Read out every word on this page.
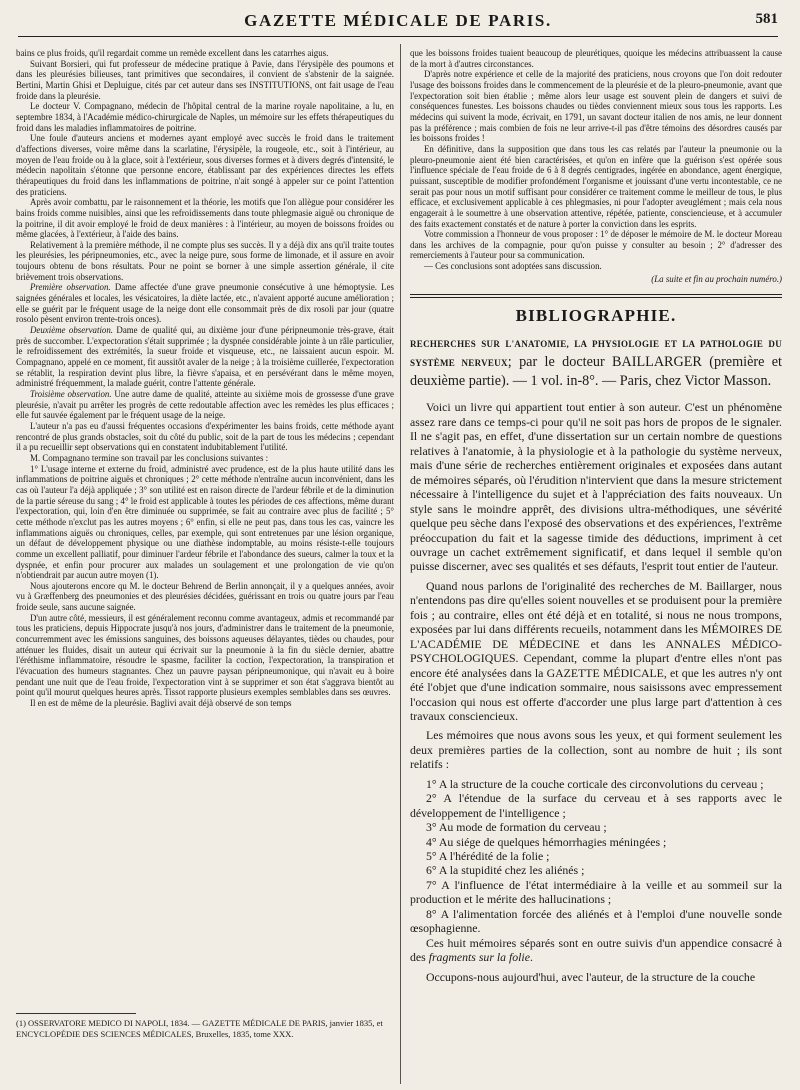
GAZETTE MÉDICALE DE PARIS.	581

bains ce plus froids, qu'il regardait comme un remède excellent dans les catarrhes aigus.

Suivant Borsieri, qui fut professeur de médecine pratique à Pavie, dans l'érysipèle des poumons et dans les pleurésies bilieuses, tant primitives que secondaires, il convient de s'abstenir de la saignée. Bertini, Martin Ghisi et Depluigue, cités par cet auteur dans ses INSTITUTIONS, ont fait usage de l'eau froide dans la pleurésie.

Le docteur V. Compagnano, médecin de l'hôpital central de la marine royale napolitaine, a lu, en septembre 1834, à l'Académie médico-chirurgicale de Naples, un mémoire sur les effets thérapeutiques du froid dans les maladies inflammatoires de poitrine.

Une foule d'auteurs anciens et modernes ayant employé avec succès le froid dans le traitement d'affections diverses, voire même dans la scarlatine, l'érysipèle, la rougeole, etc., soit à l'intérieur, au moyen de l'eau froide ou à la glace, soit à l'extérieur, sous diverses formes et à divers degrés d'intensité, le médecin napolitain s'étonne que personne encore, établissant par des expériences directes les effets thérapeutiques du froid dans les inflammations de poitrine, n'ait songé à appeler sur ce point l'attention des praticiens.

Après avoir combattu, par le raisonnement et la théorie, les motifs que l'on allègue pour considérer les bains froids comme nuisibles, ainsi que les refroidissements dans toute phlegmasie aiguë ou chronique de la poitrine, il dit avoir employé le froid de deux manières : à l'intérieur, au moyen de boissons froides ou même glacées, à l'extérieur, à l'aide des bains.

Relativement à la première méthode, il ne compte plus ses succès. Il y a déjà dix ans qu'il traite toutes les pleurésies, les péripneumonies, etc., avec la neige pure, sous forme de limonade, et il assure en avoir toujours obtenu de bons résultats. Pour ne point se borner à une simple assertion générale, il cite brièvement trois observations.

Première observation. Dame affectée d'une grave pneumonie consécutive à une hémoptysie. Les saignées générales et locales, les vésicatoires, la diète lactée, etc., n'avaient apporté aucune amélioration ; elle se guérit par le fréquent usage de la neige dont elle consommait près de dix rosoli par jour (quatre rosolo pèsent environ trente-trois onces).

Deuxième observation. Dame de qualité qui, au dixième jour d'une péripneumonie très-grave, était près de succomber. L'expectoration s'était supprimée ; la dyspnée considérable jointe à un râle particulier, le refroidissement des extrémités, la sueur froide et visqueuse, etc., ne laissaient aucun espoir. M. Compagnano, appelé en ce moment, fit aussitôt avaler de la neige ; à la troisième cuillerée, l'expectoration se rétablit, la respiration devint plus libre, la fièvre s'apaisa, et en persévérant dans le même moyen, administré fréquemment, la malade guérit, contre l'attente générale.

Troisième observation. Une autre dame de qualité, atteinte au sixième mois de grossesse d'une grave pleurésie, n'avait pu arrêter les progrès de cette redoutable affection avec les remèdes les plus efficaces ; elle fut sauvée également par le fréquent usage de la neige.

L'auteur n'a pas eu d'aussi fréquentes occasions d'expérimenter les bains froids, cette méthode ayant rencontré de plus grands obstacles, soit du côté du public, soit de la part de tous les médecins ; cependant il a pu recueillir sept observations qui en constatent indubitablement l'utilité.

M. Compagnano termine son travail par les conclusions suivantes :

1° L'usage interne et externe du froid, administré avec prudence, est de la plus haute utilité dans les inflammations de poitrine aiguës et chroniques ; 2° cette méthode n'entraîne aucun inconvénient, dans les cas où l'auteur l'a déjà appliquée ; 3° son utilité est en raison directe de l'ardeur fébrile et de la diminution de la partie séreuse du sang ; 4° le froid est applicable à toutes les périodes de ces affections, même durant l'expectoration, qui, loin d'en être diminuée ou supprimée, se fait au contraire avec plus de facilité ; 5° cette méthode n'exclut pas les autres moyens ; 6° enfin, si elle ne peut pas, dans tous les cas, vaincre les inflammations aiguës ou chroniques, celles, par exemple, qui sont entretenues par une lésion organique, un défaut de développement physique ou une diathèse indomptable, au moins résiste-t-elle toujours comme un excellent palliatif, pour diminuer l'ardeur fébrile et l'abondance des sueurs, calmer la toux et la dyspnée, et enfin pour procurer aux malades un soulagement et une prolongation de vie qu'on n'obtiendrait par aucun autre moyen (1).

Nous ajouterons encore qu M. le docteur Behrend de Berlin annonçait, il y a quelques années, avoir vu à Græffenberg des pneumonies et des pleurésies décidées, guérissant en trois ou quatre jours par l'eau froide seule, sans aucune saignée.

D'un autre côté, messieurs, il est généralement reconnu comme avantageux, admis et recommandé par tous les praticiens, depuis Hippocrate jusqu'à nos jours, d'administrer dans le traitement de la pneumonie, concurremment avec les émissions sanguines, des boissons aqueuses délayantes, tièdes ou chaudes, pour atténuer les fluides, disait un auteur qui écrivait sur la pneumonie à la fin du siècle dernier, abattre l'éréthisme inflammatoire, résoudre le spasme, faciliter la coction, l'expectoration, la transpiration et l'évacuation des humeurs stagnantes. Chez un pauvre paysan péripneumonique, qui n'avait eu à boire pendant une nuit que de l'eau froide, l'expectoration vint à se supprimer et son état s'aggrava bientôt au point qu'il mourut quelques heures après. Tissot rapporte plusieurs exemples semblables dans ses œuvres.

Il en est de même de la pleurésie. Baglivi avait déjà observé de son temps

(1) OSSERVATORE MEDICO DI NAPOLI, 1834. — GAZETTE MÉDICALE DE PARIS, janvier 1835, et ENCYCLOPÉDIE DES SCIENCES MÉDICALES, Bruxelles, 1835, tome XXX.

que les boissons froides tuaient beaucoup de pleurétiques, quoique les médecins attribuassent la cause de la mort à d'autres circonstances.

D'après notre expérience et celle de la majorité des praticiens, nous croyons que l'on doit redouter l'usage des boissons froides dans le commencement de la pleurésie et de la pleuro-pneumonie, avant que l'expectoration soit bien établie ; même alors leur usage est souvent plein de dangers et suivi de conséquences funestes. Les boissons chaudes ou tièdes conviennent mieux sous tous les rapports. Les médecins qui suivent la mode, écrivait, en 1791, un savant docteur italien de nos amis, ne leur donnent pas la préférence ; mais combien de fois ne leur arrive-t-il pas d'être témoins des désordres causés par les boissons froides !

En définitive, dans la supposition que dans tous les cas relatés par l'auteur la pneumonie ou la pleuro-pneumonie aient été bien caractérisées, et qu'on en infère que la guérison s'est opérée sous l'influence spéciale de l'eau froide de 6 à 8 degrés centigrades, ingérée en abondance, agent énergique, puissant, susceptible de modifier profondément l'organisme et jouissant d'une vertu incontestable, ce ne serait pas pour nous un motif suffisant pour considérer ce traitement comme le meilleur de tous, le plus efficace, et exclusivement applicable à ces phlegmasies, ni pour l'adopter aveuglément ; mais cela nous engagerait à le soumettre à une observation attentive, répétée, patiente, consciencieuse, et à accumuler des faits exactement constatés et de nature à porter la conviction dans les esprits.

Votre commission a l'honneur de vous proposer : 1° de déposer le mémoire de M. le docteur Moreau dans les archives de la compagnie, pour qu'on puisse y consulter au besoin ; 2° d'adresser des remerciements à l'auteur pour sa communication.

— Ces conclusions sont adoptées sans discussion.

(La suite et fin au prochain numéro.)
BIBLIOGRAPHIE.
RECHERCHES SUR L'ANATOMIE, LA PHYSIOLOGIE ET LA PATHOLOGIE DU SYSTÈME NERVEUX; par le docteur BAILLARGER (première et deuxième partie). — 1 vol. in-8°. — Paris, chez Victor Masson.

Voici un livre qui appartient tout entier à son auteur. C'est un phénomène assez rare dans ce temps-ci pour qu'il ne soit pas hors de propos de le signaler. Il ne s'agit pas, en effet, d'une dissertation sur un certain nombre de questions relatives à l'anatomie, à la physiologie et à la pathologie du système nerveux, mais d'une série de recherches entièrement originales et exposées dans autant de mémoires séparés, où l'érudition n'intervient que dans la mesure strictement nécessaire à l'intelligence du sujet et à l'appréciation des faits nouveaux. Un style sans le moindre apprêt, des divisions ultra-méthodiques, une sévérité quelque peu sèche dans l'exposé des observations et des expériences, l'extrême préoccupation du fait et la sagesse timide des déductions, impriment à cet ouvrage un cachet extrêmement significatif, et dans lequel il semble qu'on puisse discerner, avec ses qualités et ses défauts, l'esprit tout entier de l'auteur.

Quand nous parlons de l'originalité des recherches de M. Baillarger, nous n'entendons pas dire qu'elles soient nouvelles et se produisent pour la première fois ; au contraire, elles ont été déjà et en totalité, si nous ne nous trompons, exposées par lui dans différents recueils, notamment dans les MÉMOIRES DE L'ACADÉMIE DE MÉDECINE et dans les ANNALES MÉDICO-PSYCHOLOGIQUES. Cependant, comme la plupart d'entre elles n'ont pas encore été analysées dans la GAZETTE MÉDICALE, et que les autres n'y ont été l'objet que d'une indication sommaire, nous saisissons avec empressement l'occasion qui nous est offerte d'accorder une plus large part d'attention à ces travaux consciencieux.

Les mémoires que nous avons sous les yeux, et qui forment seulement les deux premières parties de la collection, sont au nombre de huit ; ils sont relatifs :

1° A la structure de la couche corticale des circonvolutions du cerveau ;

2° A l'étendue de la surface du cerveau et à ses rapports avec le développement de l'intelligence ;

3° Au mode de formation du cerveau ;

4° Au siége de quelques hémorrhagies méningées ;

5° A l'hérédité de la folie ;

6° A la stupidité chez les aliénés ;

7° A l'influence de l'état intermédiaire à la veille et au sommeil sur la production et le mérite des hallucinations ;

8° A l'alimentation forcée des aliénés et à l'emploi d'une nouvelle sonde œsophagienne.

Ces huit mémoires séparés sont en outre suivis d'un appendice consacré à des fragments sur la folie.

Occupons-nous aujourd'hui, avec l'auteur, de la structure de la couche
